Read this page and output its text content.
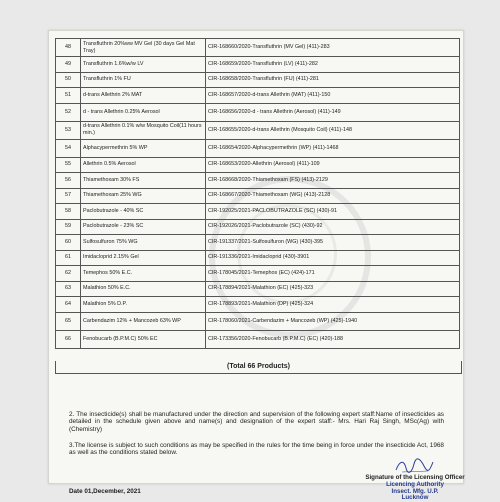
48	Transfluthrin 20%ww MV Gel (30 days Gel Mat Tray)	CIR-168660/2020-Transfluthrin (MV Gel) (411)-283
49	Transfluthrin 1.6%w/w LV	CIR-168659/2020-Transfluthrin (LV) (411)-282
50	Transfluthrin 1% FU	CIR-168658/2020-Transfluthrin (FU) (411)-281
51	d-trans Allethrin 2% MAT	CIR-168657/2020-d-trans Allethrin (MAT) (411)-150
52	d - trans Allethrin 0.25% Aerosol	CIR-168656/2020-d - trans Allethrin (Aerosol) (411)-149
53	d-trans Allethrin 0.1% w/w Mosquito Coil(11 hours min.)	CIR-168655/2020-d-trans Allethrin (Mosquito Coil) (411)-148
54	Alphacypermethrin 5% WP	CIR-168654/2020-Alphacypermethrin (WP) (411)-1468
55	Allethrin 0.5% Aerosol	CIR-168653/2020-Allethrin (Aerosol) (411)-109
56	Thiamethoxam 30% FS	CIR-168668/2020-Thiamethoxam (FS) (413)-2129
57	Thiamethoxam 25% WG	CIR-168667/2020-Thiamethoxam (WG) (413)-2128
58	Paclobutrazole - 40% SC	CIR-192025/2021-PACLOBUTRAZOLE (SC) (430)-91
59	Paclobutrazole - 23% SC	CIR-192026/2021-Paclobutrazole (SC) (430)-92
60	Sulfosulfuron 75% WG	CIR-191337/2021-Sulfosulfuron (WG) (430)-395
61	Imidacloprid 2.15% Gel	CIR-191336/2021-Imidacloprid (430)-3901
62	Temephos 50% E.C.	CIR-178045/2021-Temephos (EC) (424)-171
63	Malathion 50% E.C.	CIR-178894/2021-Malathion (EC) (425)-323
64	Malathion 5% D.P.	CIR-178893/2021-Malathion (DP) (425)-324
65	Carbendazim 12% + Mancozeb 63% WP	CIR-178060/2021-Carbendazim + Mancozeb (WP) (425)-1940
66	Fenobucarb (B.P.M.C) 50% EC	CIR-173356/2020-Fenobucarb (B.P.M.C) (EC) (420)-188
(Total 66 Products)
2. The insecticide(s) shall be manufactured under the direction and supervision of the following expert staff:Name of insecticides as detailed in the schedule given above and name(s) and designation of the expert staff:- Mrs. Hari Raj Singh, MSc(Ag) with (Chemistry)
3.The license is subject to such conditions as may be specified in the rules for the time being in force under the insecticide Act, 1968 as well as the conditions stated below.
Date 01,December, 2021
Signature of the Licensing Officer
Licencing Authority
Insect. Mfg. U.P.
Lucknow
